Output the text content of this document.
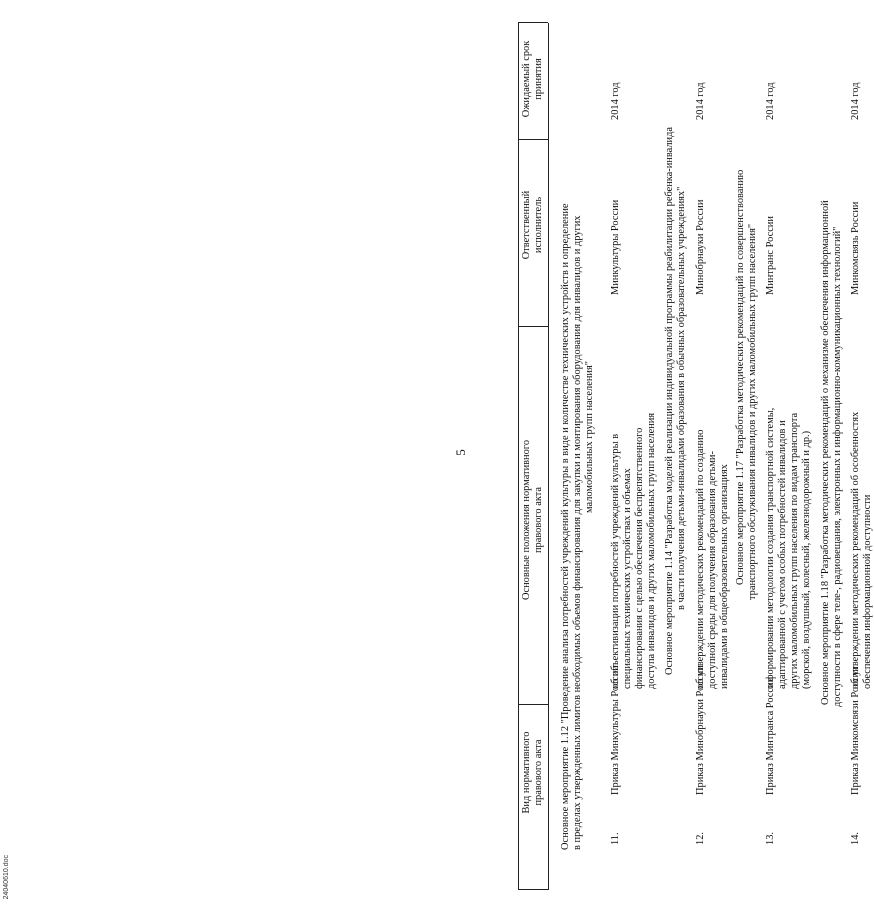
5
Вид нормативного правового акта
Основные положения нормативного правового акта
Ответственный исполнитель
Ожидаемый срок принятия
Основное мероприятие 1.12 "Проведение анализа потребностей учреждений культуры в виде и количестве технических устройств и определение в пределах утвержденных лимитов необходимых объемов финансирования для закупки и монтирования оборудования для инвалидов и других маломобильных групп населения"
11.
Приказ Минкультуры России
об объективизации потребностей учреждений культуры в специальных технических устройствах и объемах финансирования с целью обеспечения беспрепятственного доступа инвалидов и других маломобильных групп населения
Минкультуры России
2014 год
Основное мероприятие 1.14 "Разработка моделей реализации индивидуальной программы реабилитации ребенка-инвалида в части получения детьми-инвалидами образования в обычных образовательных учреждениях"
12.
Приказ Минобрнауки России
об утверждении методических рекомендаций по созданию доступной среды для получения образования детьми- инвалидами в общеобразовательных организациях
Минобрнауки России
2014 год
Основное мероприятие 1.17 "Разработка методических рекомендаций по совершенствованию транспортного обслуживания инвалидов и других маломобильных групп населения"
13.
Приказ Минтранса России
о формировании методологии создания транспортной системы, адаптированной с учетом особых потребностей инвалидов и других маломобильных групп населения по видам транспорта (морской, воздушный, колесный, железнодорожный и др.)
Минтранс России
2014 год
Основное мероприятие 1.18 "Разработка методических рекомендаций о механизме обеспечения информационной доступности в сфере теле-, радиовещания, электронных и информационно-коммуникационных технологий"
14.
Приказ Минкомсвязи России
об утверждении методических рекомендаций об особенностях обеспечения информационной доступности
Минкомсвязь России
2014 год
24040610.doc
